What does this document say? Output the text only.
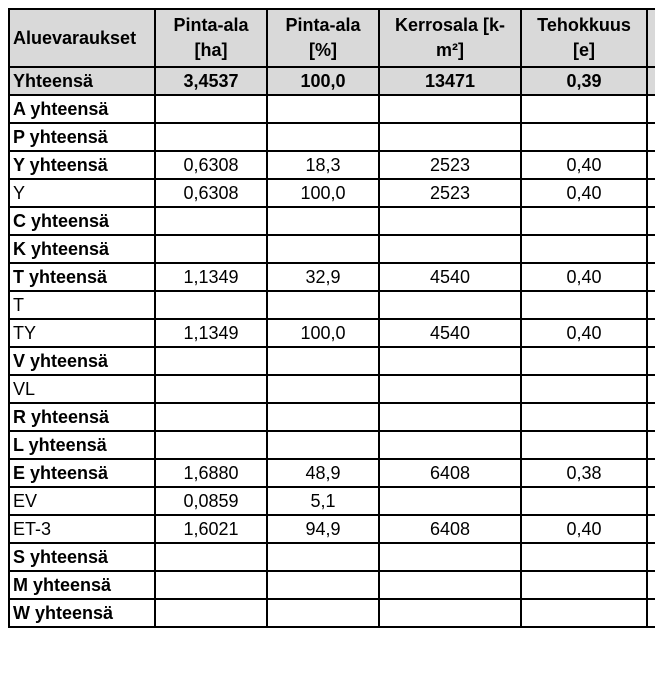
Aluevaraukset	Pinta-ala [ha]	Pinta-ala [%]	Kerrosala [k-m²]	Tehokkuus [e]	
Yhteensä	3,4537	100,0	13471	0,39	
A yhteensä					
P yhteensä					
Y yhteensä	0,6308	18,3	2523	0,40	
Y	0,6308	100,0	2523	0,40	
C yhteensä					
K yhteensä					
T yhteensä	1,1349	32,9	4540	0,40	
T					
TY	1,1349	100,0	4540	0,40	
V yhteensä					
VL					
R yhteensä					
L yhteensä					
E yhteensä	1,6880	48,9	6408	0,38	
EV	0,0859	5,1			
ET-3	1,6021	94,9	6408	0,40	
S yhteensä					
M yhteensä					
W yhteensä					
